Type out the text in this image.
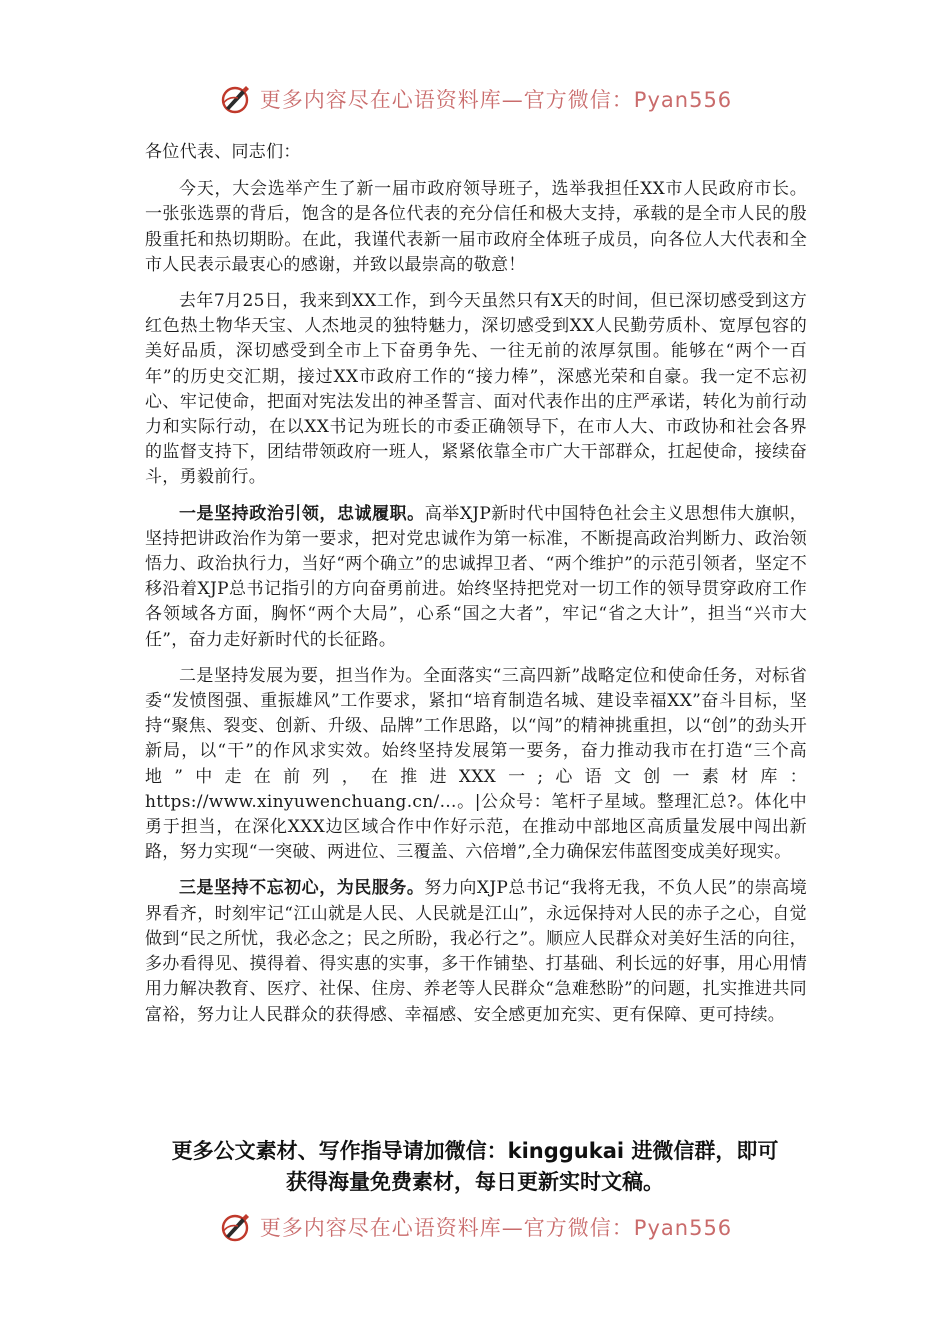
更多内容尽在心语资料库—官方微信：Pyan556

各位代表、同志们：

今天，大会选举产生了新一届市政府领导班子，选举我担任XX市人民政府市长。一张张选票的背后，饱含的是各位代表的充分信任和极大支持，承载的是全市人民的殷殷重托和热切期盼。在此，我谨代表新一届市政府全体班子成员，向各位人大代表和全市人民表示最衷心的感谢，并致以最崇高的敬意！

去年7月25日，我来到XX工作，到今天虽然只有X天的时间，但已深切感受到这方红色热土物华天宝、人杰地灵的独特魅力，深切感受到XX人民勤劳质朴、宽厚包容的美好品质，深切感受到全市上下奋勇争先、一往无前的浓厚氛围。能够在“两个一百年”的历史交汇期，接过XX市政府工作的“接力棒”，深感光荣和自豪。我一定不忘初心、牢记使命，把面对宪法发出的神圣誓言、面对代表作出的庄严承诺，转化为前行动力和实际行动，在以XX书记为班长的市委正确领导下，在市人大、市政协和社会各界的监督支持下，团结带领政府一班人，紧紧依靠全市广大干部群众，扛起使命，接续奋斗，勇毅前行。

一是坚持政治引领，忠诚履职。高举XJP新时代中国特色社会主义思想伟大旗帜，坚持把讲政治作为第一要求，把对党忠诚作为第一标准，不断提高政治判断力、政治领悟力、政治执行力，当好“两个确立”的忠诚捍卫者、“两个维护”的示范引领者，坚定不移沿着XJP总书记指引的方向奋勇前进。始终坚持把党对一切工作的领导贯穿政府工作各领域各方面，胸怀“两个大局”，心系“国之大者”，牢记“省之大计”，担当“兴市大任”，奋力走好新时代的长征路。

二是坚持发展为要，担当作为。全面落实“三高四新”战略定位和使命任务，对标省委“发愤图强、重振雄风”工作要求，紧扣“培育制造名城、建设幸福XX”奋斗目标，坚持“聚焦、裂变、创新、升级、品牌”工作思路，以“闯”的精神挑重担，以“创”的劲头开新局，以“干”的作风求实效。始终坚持发展第一要务，奋力推动我市在打造“三个高地”中走在前列，在推进XXX一;心语文创一素材库：https://www.xinyuwenchuang.cn/…。|公众号：笔杆子星域。整理汇总?。体化中勇于担当，在深化XXX边区域合作中作好示范，在推动中部地区高质量发展中闯出新路，努力实现“一突破、两进位、三覆盖、六倍增”,全力确保宏伟蓝图变成美好现实。

三是坚持不忘初心，为民服务。努力向XJP总书记“我将无我，不负人民”的崇高境界看齐，时刻牢记“江山就是人民、人民就是江山”，永远保持对人民的赤子之心，自觉做到“民之所忧，我必念之；民之所盼，我必行之”。顺应人民群众对美好生活的向往，多办看得见、摸得着、得实惠的实事，多干作铺垫、打基础、利长远的好事，用心用情用力解决教育、医疗、社保、住房、养老等人民群众“急难愁盼”的问题，扎实推进共同富裕，努力让人民群众的获得感、幸福感、安全感更加充实、更有保障、更可持续。

更多公文素材、写作指导请加微信：kinggukai 进微信群，即可
获得海量免费素材，每日更新实时文稿。
更多内容尽在心语资料库—官方微信：Pyan556
